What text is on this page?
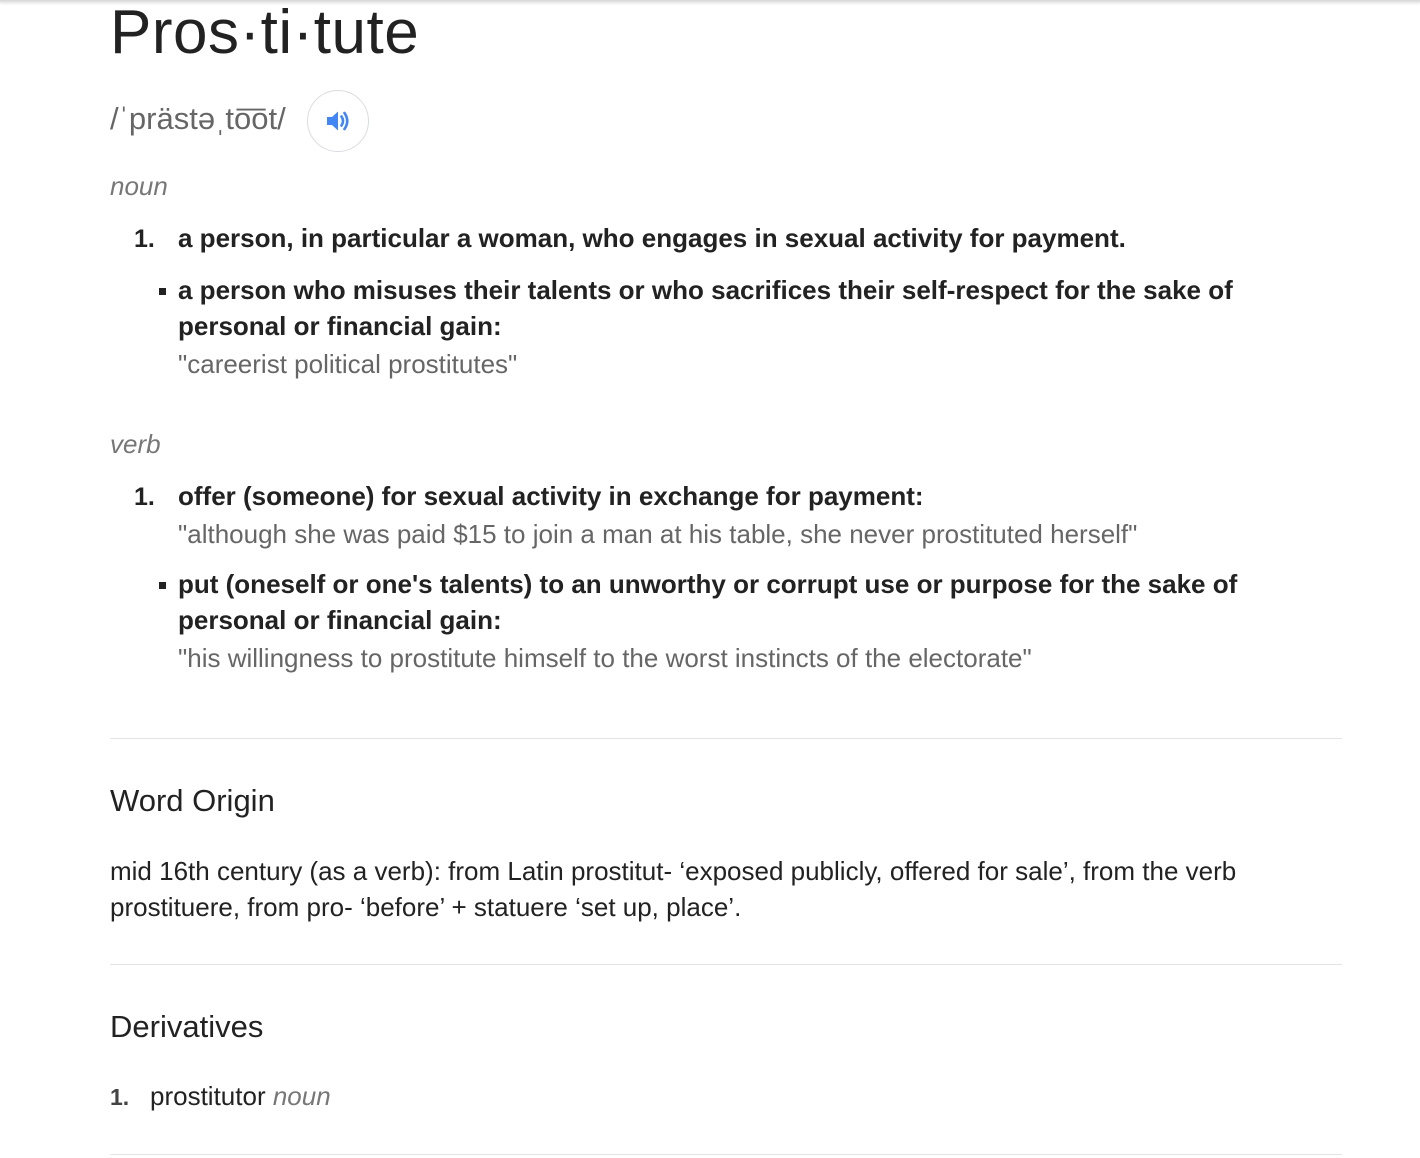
Pros·ti·tute
/ˈprästəˌto͞ot/
noun
1. a person, in particular a woman, who engages in sexual activity for payment.
a person who misuses their talents or who sacrifices their self-respect for the sake of personal or financial gain:
"careerist political prostitutes"
verb
1. offer (someone) for sexual activity in exchange for payment:
"although she was paid $15 to join a man at his table, she never prostituted herself"
put (oneself or one's talents) to an unworthy or corrupt use or purpose for the sake of personal or financial gain:
"his willingness to prostitute himself to the worst instincts of the electorate"
Word Origin
mid 16th century (as a verb): from Latin prostitut- ‘exposed publicly, offered for sale’, from the verb prostituere, from pro- ‘before’ + statuere ‘set up, place’.
Derivatives
1. prostitutor noun
